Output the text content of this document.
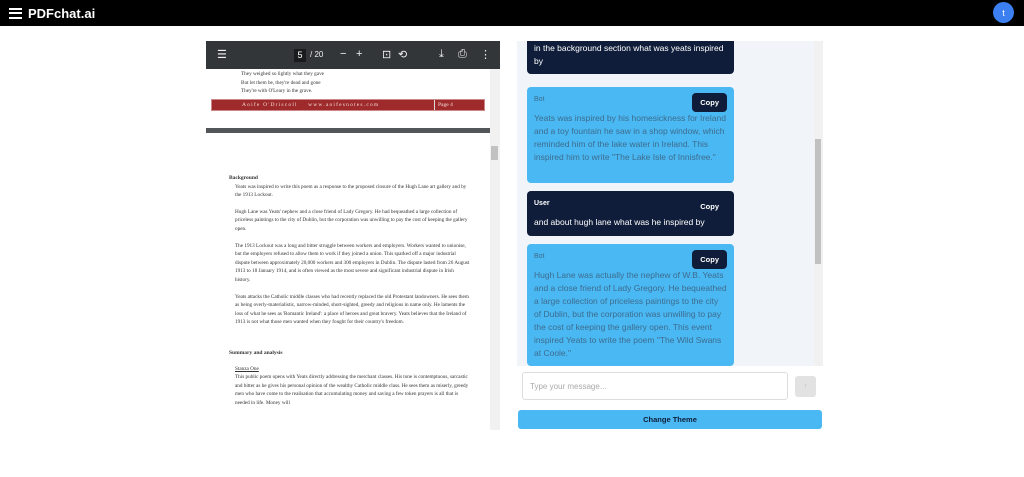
PDFchat.ai	t
☰	5 / 20 − + ⊡ ⟲	⤓ ⎙ ⋮
They weighed so lightly what they gave
But let them be, they're dead and gone
They're with O'Leary in the grave.
Aoife O'Driscoll    www.aoifesnotes.com	Page 4
Background

Yeats was inspired to write this poem as a response to the proposed closure of the Hugh Lane art gallery and by the 1913 Lockout.

Hugh Lane was Yeats' nephew and a close friend of Lady Gregory. He had bequeathed a large collection of priceless paintings to the city of Dublin, but the corporation was unwilling to pay the cost of keeping the gallery open.

The 1913 Lockout was a long and bitter struggle between workers and employers. Workers wanted to unionise, but the employers refused to allow them to work if they joined a union. This sparked off a major industrial dispute between approximately 20,000 workers and 300 employers in Dublin. The dispute lasted from 26 August 1913 to 18 January 1914, and is often viewed as the most severe and significant industrial dispute in Irish history.

Yeats attacks the Catholic middle classes who had recently replaced the old Protestant landowners. He sees them as being overly-materialistic, narrow-minded, short-sighted, greedy and religious in name only. He laments the loss of what he sees as 'Romantic Ireland': a place of heroes and great bravery. Yeats believes that the Ireland of 1913 is not what those men wanted when they fought for their country's freedom.

Summary and analysis
Stanza One

This public poem opens with Yeats directly addressing the merchant classes. His tone is contemptuous, sarcastic and bitter as he gives his personal opinion of the wealthy Catholic middle class. He sees them as miserly, greedy men who have come to the realisation that accumulating money and saving a few token prayers is all that is needed in life. Money will

in the background section what was yeats inspired by
Bot	Copy
Yeats was inspired by his homesickness for Ireland and a toy fountain he saw in a shop window, which reminded him of the lake water in Ireland. This inspired him to write "The Lake Isle of Innisfree."
User	Copy
and about hugh lane what was he inspired by
Bot	Copy
Hugh Lane was actually the nephew of W.B. Yeats and a close friend of Lady Gregory. He bequeathed a large collection of priceless paintings to the city of Dublin, but the corporation was unwilling to pay the cost of keeping the gallery open. This event inspired Yeats to write the poem "The Wild Swans at Coole."
Type your message...	↑
Change Theme
